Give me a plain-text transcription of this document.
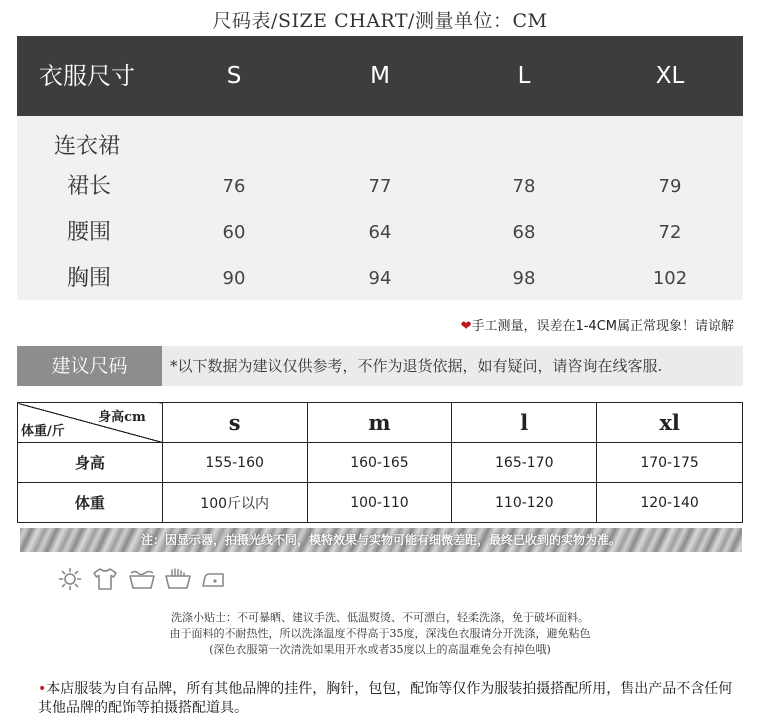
尺码表/SIZE CHART/测量单位：CM
衣服尺寸	S	M	L	XL
连衣裙
裙长	76	77	78	79
腰围	60	64	68	72
胸围	90	94	98	102
❤手工测量，误差在1-4CM属正常现象！请谅解
建议尺码	*以下数据为建议仅供参考，不作为退货依据，如有疑问，请咨询在线客服.
身高cm
体重/斤	s	m	l	xl
身高	155-160	160-165	165-170	170-175
体重	100斤以内	100-110	110-120	120-140
注：因显示器，拍摄光线不同，模特效果与实物可能有细微差距，最终已收到的实物为准。
洗涤小贴士：不可暴晒、建议手洗、低温熨烫、不可漂白，轻柔洗涤，免于破坏面料。
由于面料的不耐热性，所以洗涤温度不得高于35度，深浅色衣服请分开洗涤，避免粘色
(深色衣服第一次清洗如果用开水或者35度以上的高温难免会有掉色哦)
•本店服装为自有品牌，所有其他品牌的挂件，胸针，包包，配饰等仅作为服装拍摄搭配所用，售出产品不含任何其他品牌的配饰等拍摄搭配道具。
